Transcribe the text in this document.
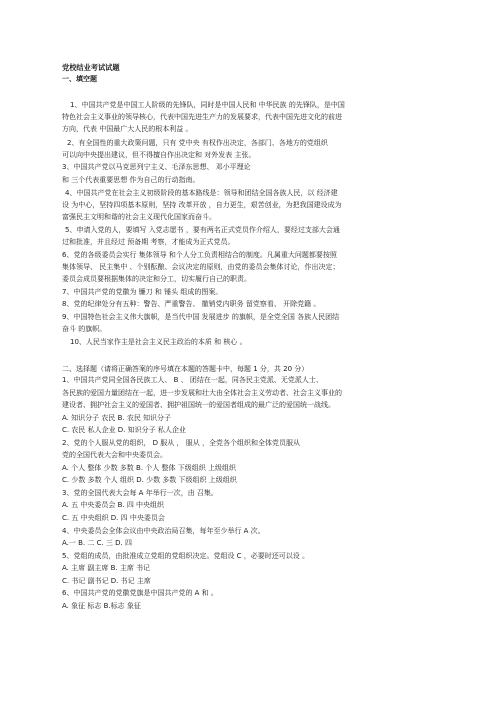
党校结业考试试题
一、填空题
1、中国共产党是中国工人阶级的先锋队，同时是中国人民和 中华民族 的先锋队，是中国
特色社会主义事业的领导核心，代表中国先进生产力的发展要求，代表中国先进文化的前进
方向，代表 中国最广大人民的根本利益 。
2、有全国性的重大政策问题，只有 党中央 有权作出决定，各部门、各地方的党组织
可以向中央提出建议，但不得擅自作出决定和 对外发表 主张。
3、中国共产党以马克思列宁主义、毛泽东思想、 邓小平理论
和 三个代表重要思想 作为自己的行动指南。
4、中国共产党在社会主义初级阶段的基本路线是：领导和团结全国各族人民，以 经济建
设 为中心，坚持四项基本原则，坚持 改革开放 ，自力更生，艰苦创业，为把我国建设成为
富强民主文明和谐的社会主义现代化国家而奋斗。
5、申请入党的人，要填写 入党志愿书 ，要有两名正式党员作介绍人，要经过支部大会通
过和批准，并且经过 预备期 考察，才能成为正式党员。
6、党的各级委员会实行 集体领导 和个人分工负责相结合的制度。凡属重大问题都要按照
集体领导、 民主集中 、个别酝酿、会议决定的原则，由党的委员会集体讨论，作出决定；
委员会成员要根据集体的决定和分工，切实履行自己的职责。
7、中国共产党的党徽为 镰刀 和 锤头 组成的图案。
8、党的纪律处分有五种：警告、严重警告、 撤销党内职务 留党察看、 开除党籍 。
9、中国特色社会主义伟大旗帜，是当代中国 发展进步 的旗帜，是全党全国 各族人民团结
奋斗 的旗帜。
10、人民当家作主是社会主义民主政治的本质 和 核心 。
二、选择题（请将正确答案的序号填在本题的答题卡中，每题 1 分，共 20 分）
1、中国共产党同全国各民族工人、 B 、 团结在一起，同各民主党派、无党派人士、
各民族的爱国力量团结在一起，进一步发展和壮大由全体社会主义劳动者、社会主义事业的
建设者、拥护社会主义的爱国者、拥护祖国统一的爱国者组成的最广泛的爱国统一战线。
A. 知识分子 农民 B. 农民 知识分子
C. 农民 私人企业 D. 知识分子 私人企业
2、党的个人服从党的组织， D 服从 ， 服从 ，全党各个组织和全体党员服从
党的全国代表大会和中央委员会。
A. 个人 整体 少数 多数 B. 个人 整体 下级组织 上级组织
C. 少数 多数 个人 组织 D. 少数 多数 下级组织 上级组织
3、党的全国代表大会每 A 年举行一次，由 召集。
A. 五 中央委员会 B. 四 中央组织
C. 五 中央组织 D. 四 中央委员会
4、中央委员会全体会议由中央政治局召集，每年至少举行 A 次。
A.一 B. 二 C. 三 D. 四
5、党组的成员，由批准成立党组的党组织决定。党组设 C ，必要时还可以设 。
A. 主席 副主席 B. 主席 书记
C. 书记 副书记 D. 书记 主席
6、中国共产党的党徽党旗是中国共产党的 A 和 。
A. 象征 标志 B.标志 象征
